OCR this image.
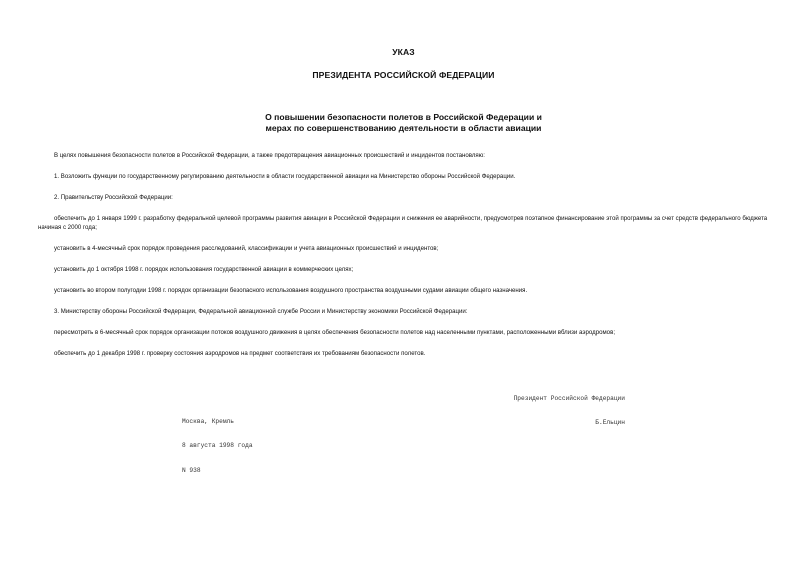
УКАЗ
ПРЕЗИДЕНТА РОССИЙСКОЙ ФЕДЕРАЦИИ
О повышении безопасности полетов в Российской Федерации и
мерах по совершенствованию деятельности в области авиации

В целях повышения безопасности полетов в Российской Федерации, а также предотвращения авиационных происшествий и инцидентов постановляю:

1. Возложить функции по государственному регулированию деятельности в области государственной авиации на Министерство обороны Российской Федерации.

2. Правительству Российской Федерации:

обеспечить до 1 января 1999 г. разработку федеральной целевой программы развития авиации в Российской Федерации и снижения ее аварийности, предусмотрев поэтапное финансирование этой программы за счет средств федерального бюджета начиная с 2000 года;

установить в 4-месячный срок порядок проведения расследований, классификации и учета авиационных происшествий и инцидентов;

установить до 1 октября 1998 г. порядок использования государственной авиации в коммерческих целях;

установить во втором полугодии 1998 г. порядок организации безопасного использования воздушного пространства воздушными судами авиации общего назначения.

3. Министерству обороны Российской Федерации, Федеральной авиационной службе России и Министерству экономики Российской Федерации:

пересмотреть в 6-месячный срок порядок организации потоков воздушного движения в целях обеспечения безопасности полетов над населенными пунктами, расположенными вблизи аэродромов;

обеспечить до 1 декабря 1998 г. проверку состояния аэродромов на предмет соответствия их требованиям безопасности полетов.

Президент Российской Федерации

Б.Ельцин

Москва, Кремль

8 августа 1998 года

N 938
